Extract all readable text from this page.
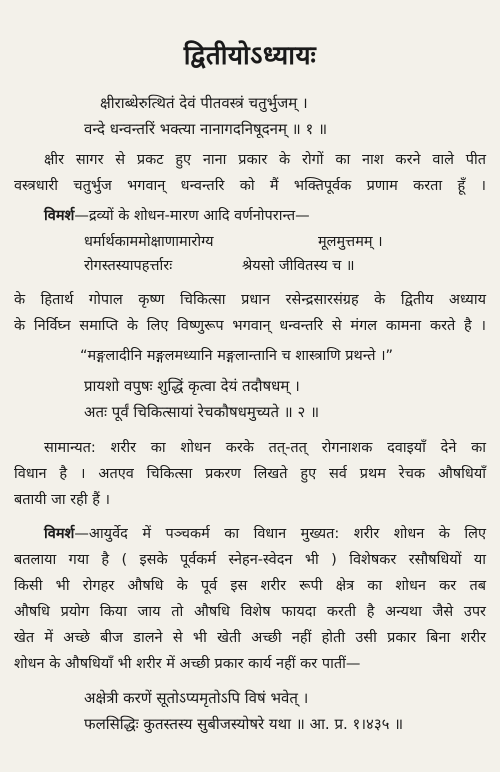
द्वितीयोऽध्यायः
क्षीराब्धेरुत्थितं देवं पीतवस्त्रं चतुर्भुजम् ।
वन्दे धन्वन्तरिं भक्त्या नानागदनिषूदनम् ॥ १ ॥
क्षीर सागर से प्रकट हुए नाना प्रकार के रोगों का नाश करने वाले पीत
वस्त्रधारी चतुर्भुज भगवान् धन्वन्तरि को मैं भक्तिपूर्वक प्रणाम करता हूँ ।
विमर्श—द्रव्यों के शोधन-मारण आदि वर्णनोपरान्त—
धर्मार्थकाममोक्षाणामारोग्य	मूलमुत्तमम् ।
रोगस्तस्यापहर्त्तारः	श्रेयसो जीवितस्य च ॥
के हितार्थ गोपाल कृष्ण चिकित्सा प्रधान रसेन्द्रसारसंग्रह के द्वितीय अध्याय
के निर्विघ्न समाप्ति के लिए विष्णुरूप भगवान् धन्वन्तरि से मंगल कामना करते है ।
“मङ्गलादीनि मङ्गलमध्यानि मङ्गलान्तानि च शास्त्राणि प्रथन्ते ।”
प्रायशो वपुषः शुद्धिं कृत्वा देयं तदौषधम् ।
अतः पूर्वं चिकित्सायां रेचकौषधमुच्यते ॥ २ ॥
सामान्यत: शरीर का शोधन करके तत्-तत् रोगनाशक दवाइयाँ देने का
विधान है । अतएव चिकित्सा प्रकरण लिखते हुए सर्व प्रथम रेचक औषधियाँ
बतायी जा रही हैं ।
विमर्श—आयुर्वेद में पञ्चकर्म का विधान मुख्यत: शरीर शोधन के लिए
बतलाया गया है ( इसके पूर्वकर्म स्नेहन-स्वेदन भी ) विशेषकर रसौषधियों या
किसी भी रोगहर औषधि के पूर्व इस शरीर रूपी क्षेत्र का शोधन कर तब
औषधि प्रयोग किया जाय तो औषधि विशेष फायदा करती है अन्यथा जैसे उपर
खेत में अच्छे बीज डालने से भी खेती अच्छी नहीं होती उसी प्रकार बिना शरीर
शोधन के औषधियाँ भी शरीर में अच्छी प्रकार कार्य नहीं कर पातीं—
अक्षेत्री करणें सूतोऽप्यमृतोऽपि विषं भवेत् ।
फलसिद्धिः कुतस्तस्य सुबीजस्योषरे यथा ॥ आ. प्र. १।४३५ ॥
